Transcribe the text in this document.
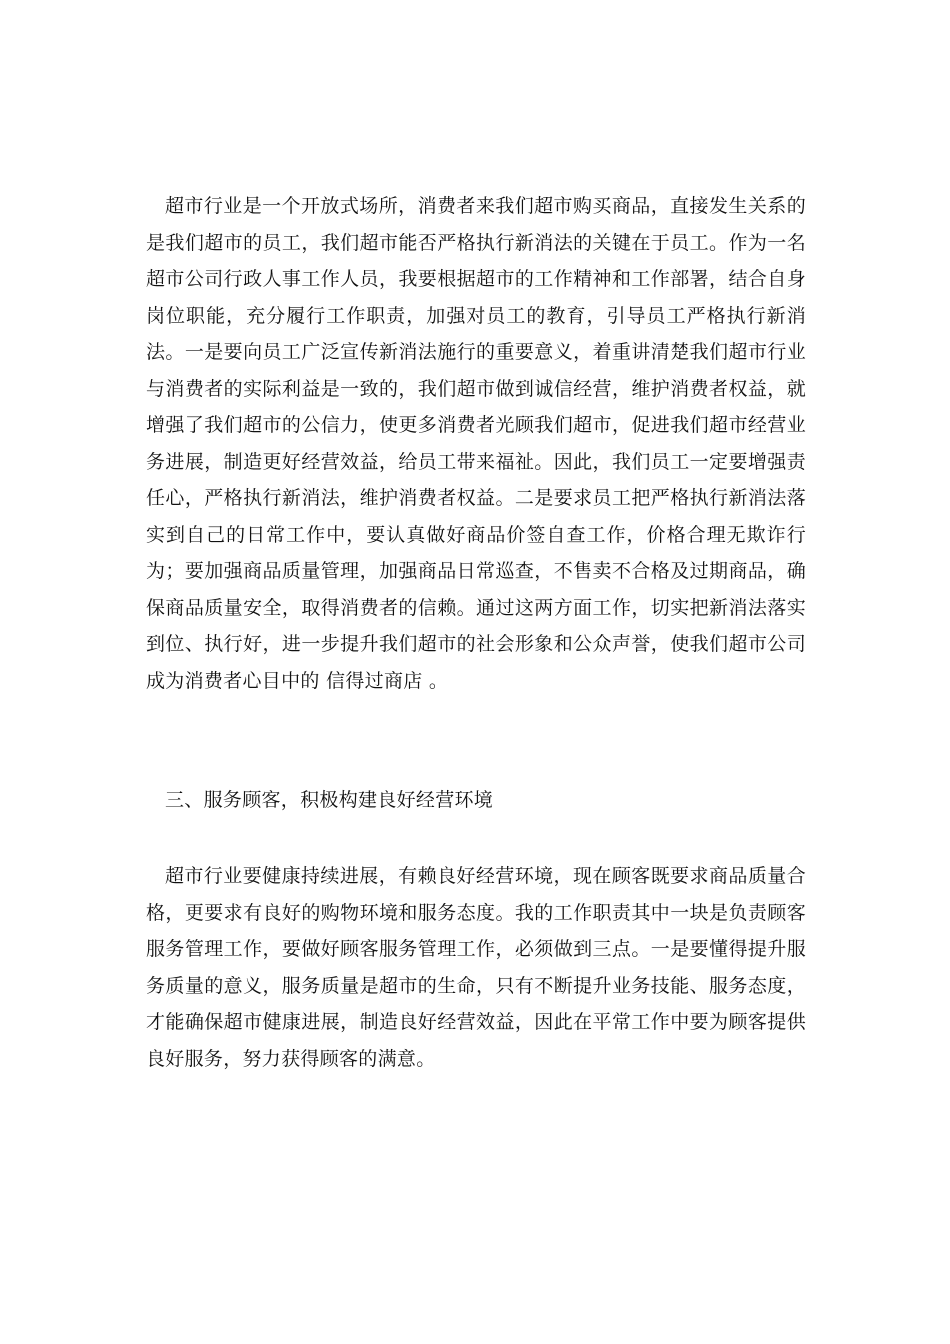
超市行业是一个开放式场所，消费者来我们超市购买商品，直接发生关系的是我们超市的员工，我们超市能否严格执行新消法的关键在于员工。作为一名超市公司行政人事工作人员，我要根据超市的工作精神和工作部署，结合自身岗位职能，充分履行工作职责，加强对员工的教育，引导员工严格执行新消法。一是要向员工广泛宣传新消法施行的重要意义，着重讲清楚我们超市行业与消费者的实际利益是一致的，我们超市做到诚信经营，维护消费者权益，就增强了我们超市的公信力，使更多消费者光顾我们超市，促进我们超市经营业务进展，制造更好经营效益，给员工带来福祉。因此，我们员工一定要增强责任心，严格执行新消法，维护消费者权益。二是要求员工把严格执行新消法落实到自己的日常工作中，要认真做好商品价签自查工作，价格合理无欺诈行为；要加强商品质量管理，加强商品日常巡查，不售卖不合格及过期商品，确保商品质量安全，取得消费者的信赖。通过这两方面工作，切实把新消法落实到位、执行好，进一步提升我们超市的社会形象和公众声誉，使我们超市公司成为消费者心目中的 信得过商店 。

三、服务顾客，积极构建良好经营环境

超市行业要健康持续进展，有赖良好经营环境，现在顾客既要求商品质量合格，更要求有良好的购物环境和服务态度。我的工作职责其中一块是负责顾客服务管理工作，要做好顾客服务管理工作，必须做到三点。一是要懂得提升服务质量的意义，服务质量是超市的生命，只有不断提升业务技能、服务态度，才能确保超市健康进展，制造良好经营效益，因此在平常工作中要为顾客提供良好服务，努力获得顾客的满意。
